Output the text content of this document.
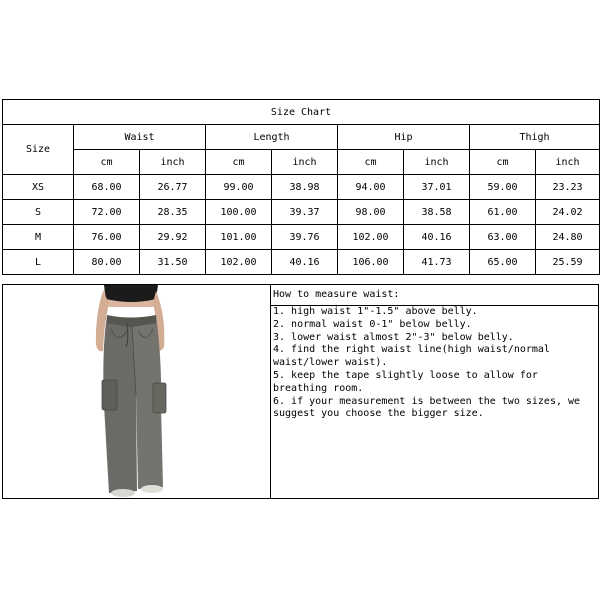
Size Chart								
Size	Waist		Length		Hip		Thigh	
	cm	inch	cm	inch	cm	inch	cm	inch
XS	68.00	26.77	99.00	38.98	94.00	37.01	59.00	23.23
S	72.00	28.35	100.00	39.37	98.00	38.58	61.00	24.02
M	76.00	29.92	101.00	39.76	102.00	40.16	63.00	24.80
L	80.00	31.50	102.00	40.16	106.00	41.73	65.00	25.59
How to measure waist:
1. high waist 1"-1.5" above belly.
2. normal waist 0-1" below belly.
3. lower waist almost 2"-3" below belly.
4. find the right waist line(high waist/normal waist/lower waist).
5. keep the tape slightly loose to allow for breathing room.
6. if your measurement is between the two sizes, we suggest you choose the bigger size.
